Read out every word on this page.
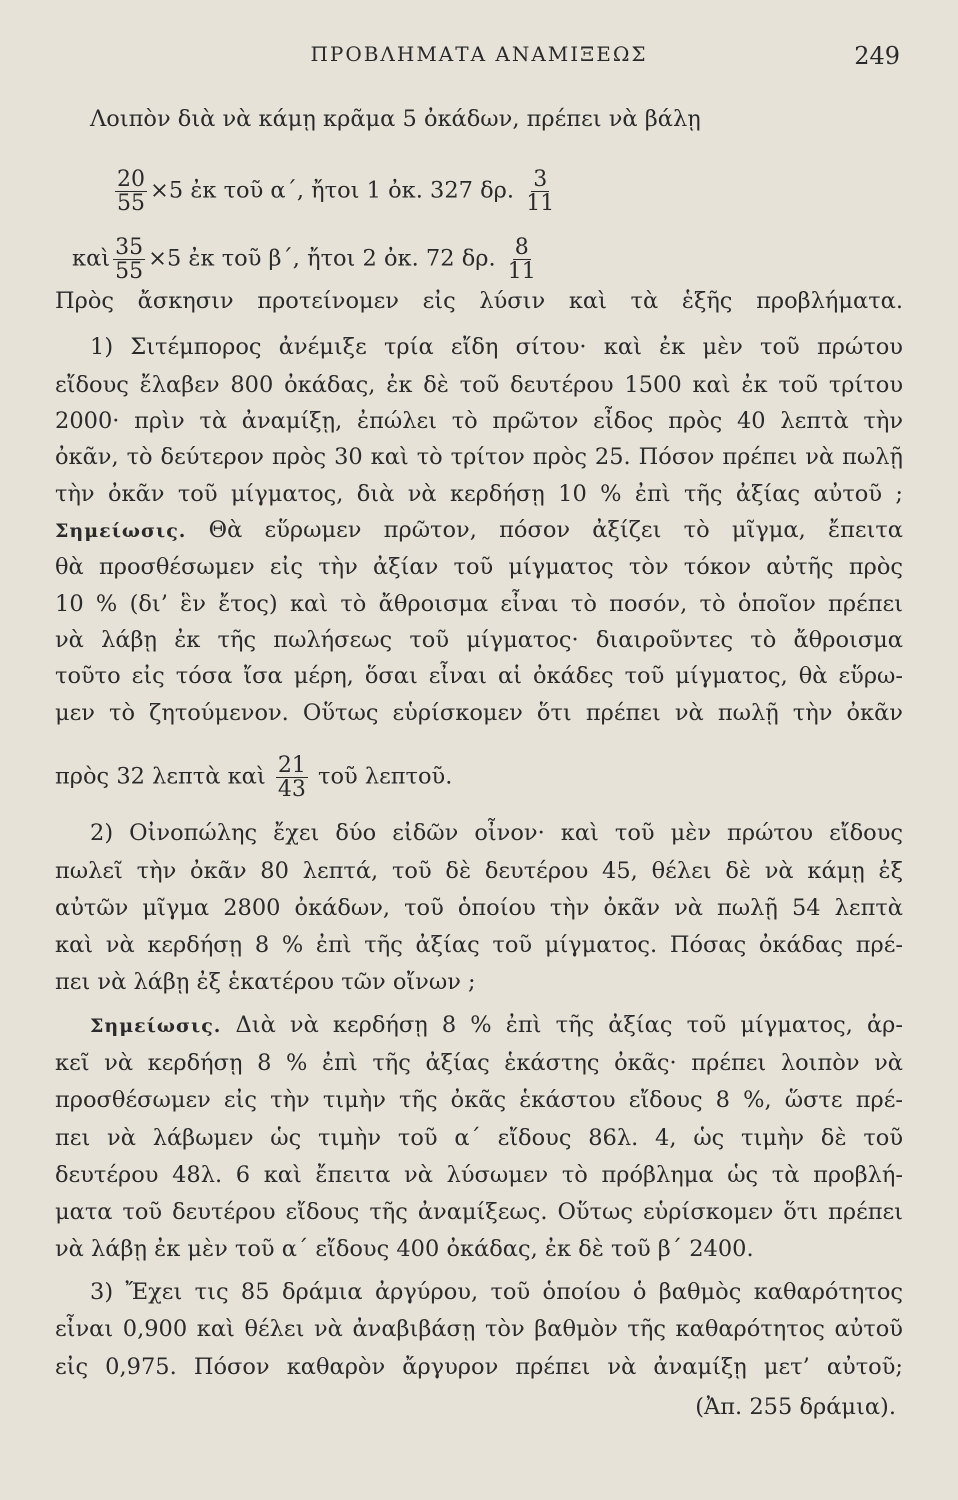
ΠΡΟΒΛΗΜΑΤΑ ΑΝΑΜΙΞΕΩΣ	249
Λοιπὸν διὰ νὰ κάμῃ κρᾶμα 5 ὀκάδων, πρέπει νὰ βάλῃ
$\frac{20}{55} \times 5$ ἐκ τοῦ α΄, ἤτοι 1 ὀκ. 327 δρ. $\frac{3}{11}$
καὶ $\frac{35}{55} \times 5$ ἐκ τοῦ β΄, ἤτοι 2 ὀκ. 72 δρ. $\frac{8}{11}$
Πρὸς ἄσκησιν προτείνομεν εἰς λύσιν καὶ τὰ ἑξῆς προβλήματα.
1) Σιτέμπορος ἀνέμιξε τρία εἴδη σίτου· καὶ ἐκ μὲν τοῦ πρώτου
εἴδους ἔλαβεν 800 ὀκάδας, ἐκ δὲ τοῦ δευτέρου 1500 καὶ ἐκ τοῦ τρίτου
2000· πρὶν τὰ ἀναμίξῃ, ἐπώλει τὸ πρῶτον εἶδος πρὸς 40 λεπτὰ τὴν
ὀκᾶν, τὸ δεύτερον πρὸς 30 καὶ τὸ τρίτον πρὸς 25. Πόσον πρέπει νὰ πωλῇ
τὴν ὀκᾶν τοῦ μίγματος, διὰ νὰ κερδήσῃ 10 % ἐπὶ τῆς ἀξίας αὐτοῦ ;
Σημείωσις. Θὰ εὕρωμεν πρῶτον, πόσον ἀξίζει τὸ μῖγμα, ἔπειτα
θὰ προσθέσωμεν εἰς τὴν ἀξίαν τοῦ μίγματος τὸν τόκον αὐτῆς πρὸς
10 % (δι’ ἓν ἔτος) καὶ τὸ ἄθροισμα εἶναι τὸ ποσόν, τὸ ὁποῖον πρέπει
νὰ λάβῃ ἐκ τῆς πωλήσεως τοῦ μίγματος· διαιροῦντες τὸ ἄθροισμα
τοῦτο εἰς τόσα ἴσα μέρη, ὅσαι εἶναι αἱ ὀκάδες τοῦ μίγματος, θὰ εὕρω-
μεν τὸ ζητούμενον. Οὕτως εὑρίσκομεν ὅτι πρέπει νὰ πωλῇ τὴν ὀκᾶν
πρὸς 32 λεπτὰ καὶ $\frac{21}{43}$ τοῦ λεπτοῦ.
2) Οἰνοπώλης ἔχει δύο εἰδῶν οἶνον· καὶ τοῦ μὲν πρώτου εἴδους
πωλεῖ τὴν ὀκᾶν 80 λεπτά, τοῦ δὲ δευτέρου 45, θέλει δὲ νὰ κάμῃ ἐξ
αὐτῶν μῖγμα 2800 ὀκάδων, τοῦ ὁποίου τὴν ὀκᾶν νὰ πωλῇ 54 λεπτὰ
καὶ νὰ κερδήσῃ 8 % ἐπὶ τῆς ἀξίας τοῦ μίγματος. Πόσας ὀκάδας πρέ-
πει νὰ λάβῃ ἐξ ἑκατέρου τῶν οἴνων ;
Σημείωσις. Διὰ νὰ κερδήσῃ 8 % ἐπὶ τῆς ἀξίας τοῦ μίγματος, ἀρ-
κεῖ νὰ κερδήσῃ 8 % ἐπὶ τῆς ἀξίας ἑκάστης ὀκᾶς· πρέπει λοιπὸν νὰ
προσθέσωμεν εἰς τὴν τιμὴν τῆς ὀκᾶς ἑκάστου εἴδους 8 %, ὥστε πρέ-
πει νὰ λάβωμεν ὡς τιμὴν τοῦ α΄ εἴδους 86λ. 4, ὡς τιμὴν δὲ τοῦ
δευτέρου 48λ. 6 καὶ ἔπειτα νὰ λύσωμεν τὸ πρόβλημα ὡς τὰ προβλή-
ματα τοῦ δευτέρου εἴδους τῆς ἀναμίξεως. Οὕτως εὑρίσκομεν ὅτι πρέπει
νὰ λάβῃ ἐκ μὲν τοῦ α΄ εἴδους 400 ὀκάδας, ἐκ δὲ τοῦ β΄ 2400.
3) Ἔχει τις 85 δράμια ἀργύρου, τοῦ ὁποίου ὁ βαθμὸς καθαρότητος
εἶναι 0,900 καὶ θέλει νὰ ἀναβιβάσῃ τὸν βαθμὸν τῆς καθαρότητος αὐτοῦ
εἰς 0,975. Πόσον καθαρὸν ἄργυρον πρέπει νὰ ἀναμίξῃ μετ’ αὐτοῦ;
(Ἀπ. 255 δράμια).
